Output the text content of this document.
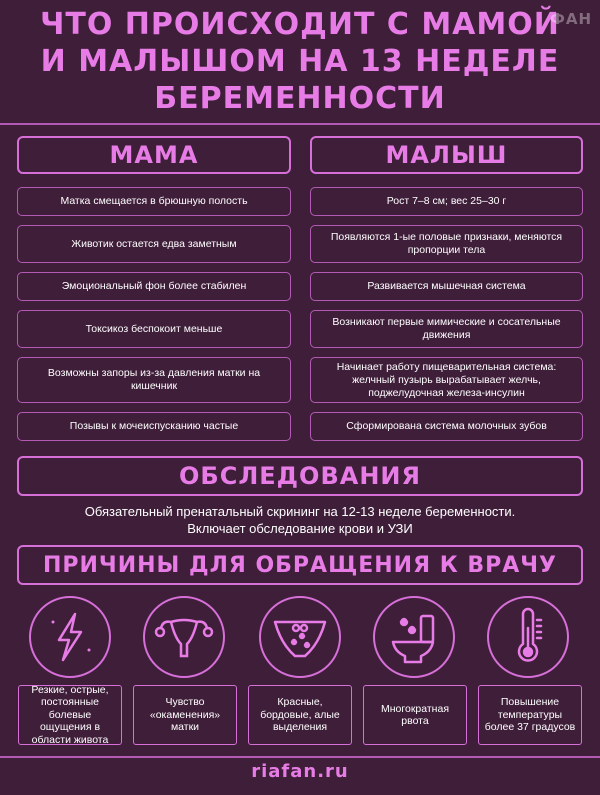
ЧТО ПРОИСХОДИТ С МАМОЙ
И МАЛЫШОМ НА 13 НЕДЕЛЕ
БЕРЕМЕННОСТИ
ФАН
МАМА
Матка смещается в брюшную полость
Животик остается едва заметным
Эмоциональный фон более стабилен
Токсикоз беспокоит меньше
Возможны запоры из-за давления матки на кишечник
Позывы к мочеиспусканию частые
МАЛЫШ
Рост 7–8 см; вес 25–30 г
Появляются 1-ые половые признаки, меняются пропорции тела
Развивается мышечная система
Возникают первые мимические и сосательные движения
Начинает работу пищеварительная система: желчный пузырь вырабатывает желчь, поджелудочная железа-инсулин
Сформирована система молочных зубов
ОБСЛЕДОВАНИЯ
Обязательный пренатальный скрининг на 12-13 неделе беременности.
Включает обследование крови и УЗИ
ПРИЧИНЫ ДЛЯ ОБРАЩЕНИЯ К ВРАЧУ
Резкие, острые, постоянные болевые ощущения в области живота
Чувство «окаменения» матки
Красные, бордовые, алые выделения
Многократная рвота
Повышение температуры более 37 градусов
riafan.ru
